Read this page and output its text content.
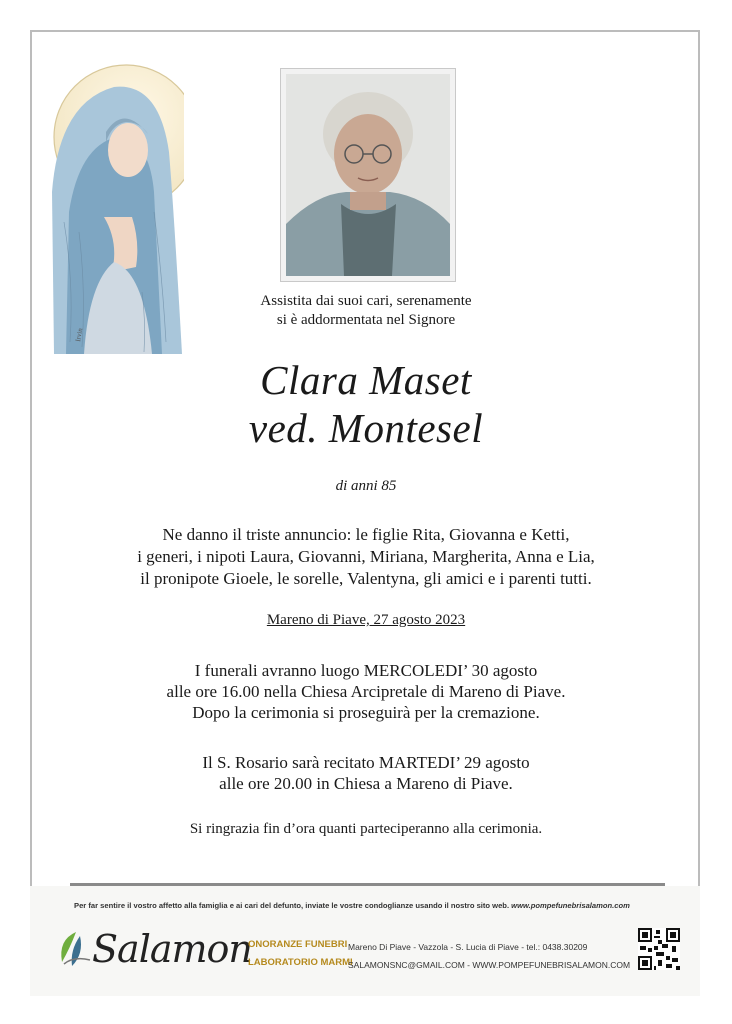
Irvin
Assistita dai suoi cari, serenamente
si è addormentata nel Signore
Clara Maset
ved. Montesel
di anni 85
Ne danno il triste annuncio: le figlie Rita, Giovanna e Ketti,
i generi, i nipoti Laura, Giovanni, Miriana, Margherita, Anna e Lia,
il pronipote Gioele, le sorelle, Valentyna, gli amici e i parenti tutti.
Mareno di Piave, 27 agosto 2023
I funerali avranno luogo MERCOLEDI’ 30 agosto
alle ore 16.00 nella Chiesa Arcipretale di Mareno di Piave.
Dopo la cerimonia si proseguirà per la cremazione.
Il S. Rosario sarà recitato MARTEDI’ 29 agosto
alle ore 20.00 in Chiesa a Mareno di Piave.
Si ringrazia fin d’ora quanti parteciperanno alla cerimonia.
Per far sentire il vostro affetto alla famiglia e ai cari del defunto, inviate le vostre condoglianze usando il nostro sito web. www.pompefunebrisalamon.com
Salamon
ONORANZE FUNEBRI
LABORATORIO MARMI
Mareno Di Piave - Vazzola - S. Lucia di Piave - tel.: 0438.30209
SALAMONSNC@GMAIL.COM - WWW.POMPEFUNEBRISALAMON.COM
